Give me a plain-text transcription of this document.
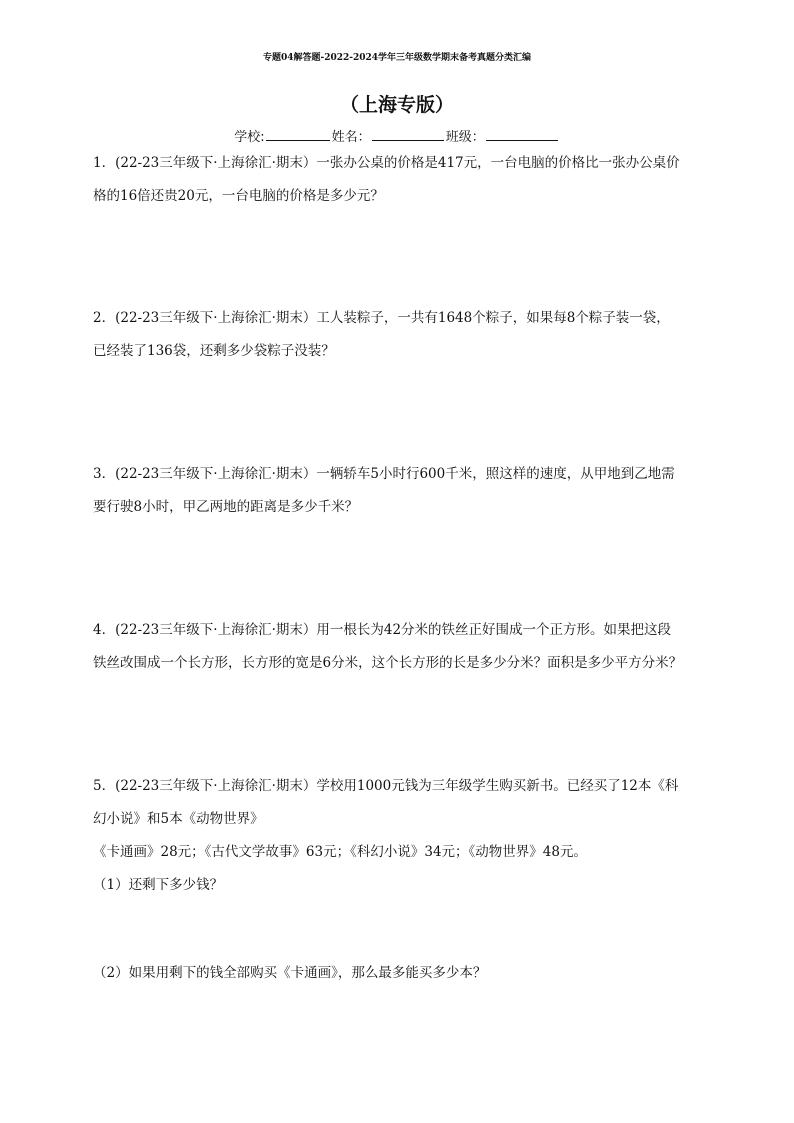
专题04解答题-2022-2024学年三年级数学期末备考真题分类汇编
（上海专版）
学校:	姓名：	班级：
1．(22-23三年级下·上海徐汇·期末）一张办公桌的价格是417元，一台电脑的价格比一张办公桌价
格的16倍还贵20元，一台电脑的价格是多少元？
2．(22-23三年级下·上海徐汇·期末）工人装粽子，一共有1648个粽子，如果每8个粽子装一袋，
已经装了136袋，还剩多少袋粽子没装？
3．(22-23三年级下·上海徐汇·期末）一辆轿车5小时行600千米，照这样的速度，从甲地到乙地需
要行驶8小时，甲乙两地的距离是多少千米？
4．(22-23三年级下·上海徐汇·期末）用一根长为42分米的铁丝正好围成一个正方形。如果把这段
铁丝改围成一个长方形，长方形的宽是6分米，这个长方形的长是多少分米？面积是多少平方分米？
5．(22-23三年级下·上海徐汇·期末）学校用1000元钱为三年级学生购买新书。已经买了12本《科
幻小说》和5本《动物世界》
《卡通画》28元；《古代文学故事》63元；《科幻小说》34元；《动物世界》48元。
（1）还剩下多少钱？
（2）如果用剩下的钱全部购买《卡通画》，那么最多能买多少本？
